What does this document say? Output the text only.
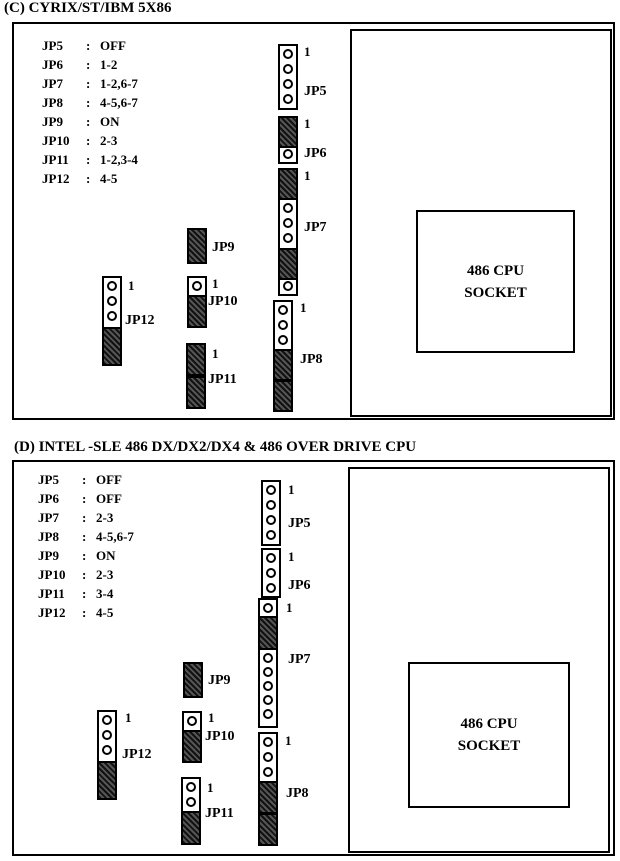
(C) CYRIX/ST/IBM 5X86
486 CPU
SOCKET
JP5 : OFF
JP6 : 1-2
JP7 : 1-2,6-7
JP8 : 4-5,6-7
JP9 : ON
JP10 : 2-3
JP11 : 1-2,3-4
JP12 : 4-5
1
JP5
1
JP6
1
JP7
1
JP8
JP9
1
JP10
1
JP11
1
JP12
(D) INTEL -SLE 486 DX/DX2/DX4 & 486 OVER DRIVE CPU
486 CPU
SOCKET
JP5 : OFF
JP6 : OFF
JP7 : 2-3
JP8 : 4-5,6-7
JP9 : ON
JP10 : 2-3
JP11 : 3-4
JP12 : 4-5
1
JP5
1
JP6
1
JP7
1
JP8
JP9
1
JP10
1
JP11
1
JP12
